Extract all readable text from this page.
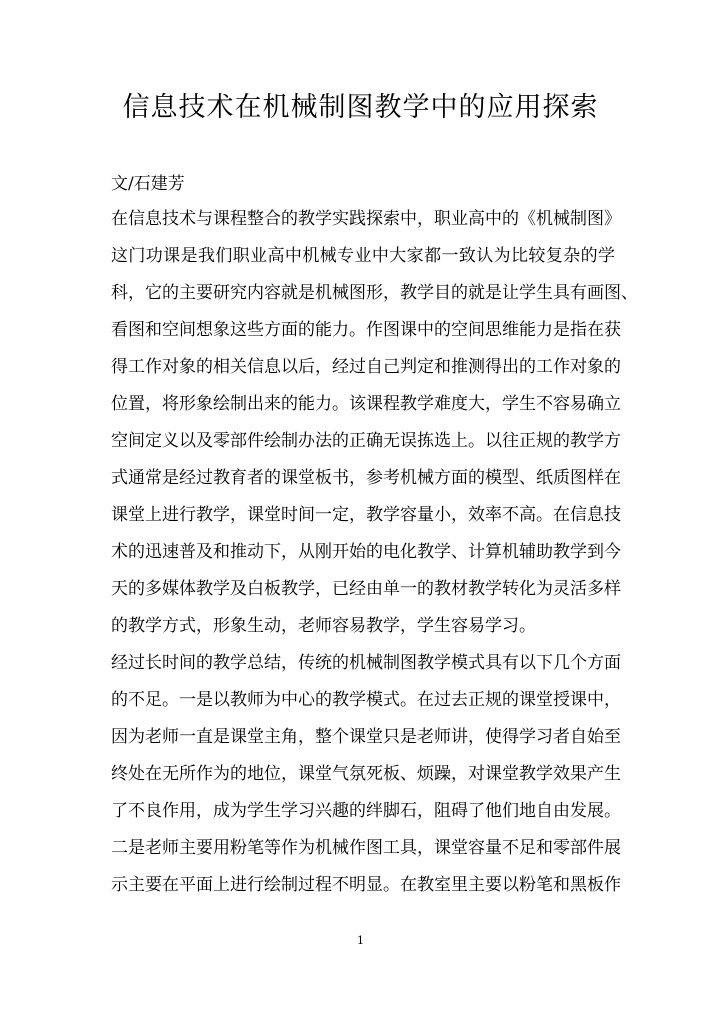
信息技术在机械制图教学中的应用探索
文/石建芳
在信息技术与课程整合的教学实践探索中，职业高中的《机械制图》
这门功课是我们职业高中机械专业中大家都一致认为比较复杂的学
科，它的主要研究内容就是机械图形，教学目的就是让学生具有画图、
看图和空间想象这些方面的能力。作图课中的空间思维能力是指在获
得工作对象的相关信息以后，经过自己判定和推测得出的工作对象的
位置，将形象绘制出来的能力。该课程教学难度大，学生不容易确立
空间定义以及零部件绘制办法的正确无误拣选上。以往正规的教学方
式通常是经过教育者的课堂板书，参考机械方面的模型、纸质图样在
课堂上进行教学，课堂时间一定，教学容量小，效率不高。在信息技
术的迅速普及和推动下，从刚开始的电化教学、计算机辅助教学到今
天的多媒体教学及白板教学，已经由单一的教材教学转化为灵活多样
的教学方式，形象生动，老师容易教学，学生容易学习。
经过长时间的教学总结，传统的机械制图教学模式具有以下几个方面
的不足。一是以教师为中心的教学模式。在过去正规的课堂授课中，
因为老师一直是课堂主角，整个课堂只是老师讲，使得学习者自始至
终处在无所作为的地位，课堂气氛死板、烦躁，对课堂教学效果产生
了不良作用，成为学生学习兴趣的绊脚石，阻碍了他们地自由发展。
二是老师主要用粉笔等作为机械作图工具，课堂容量不足和零部件展
示主要在平面上进行绘制过程不明显。在教室里主要以粉笔和黑板作
1
